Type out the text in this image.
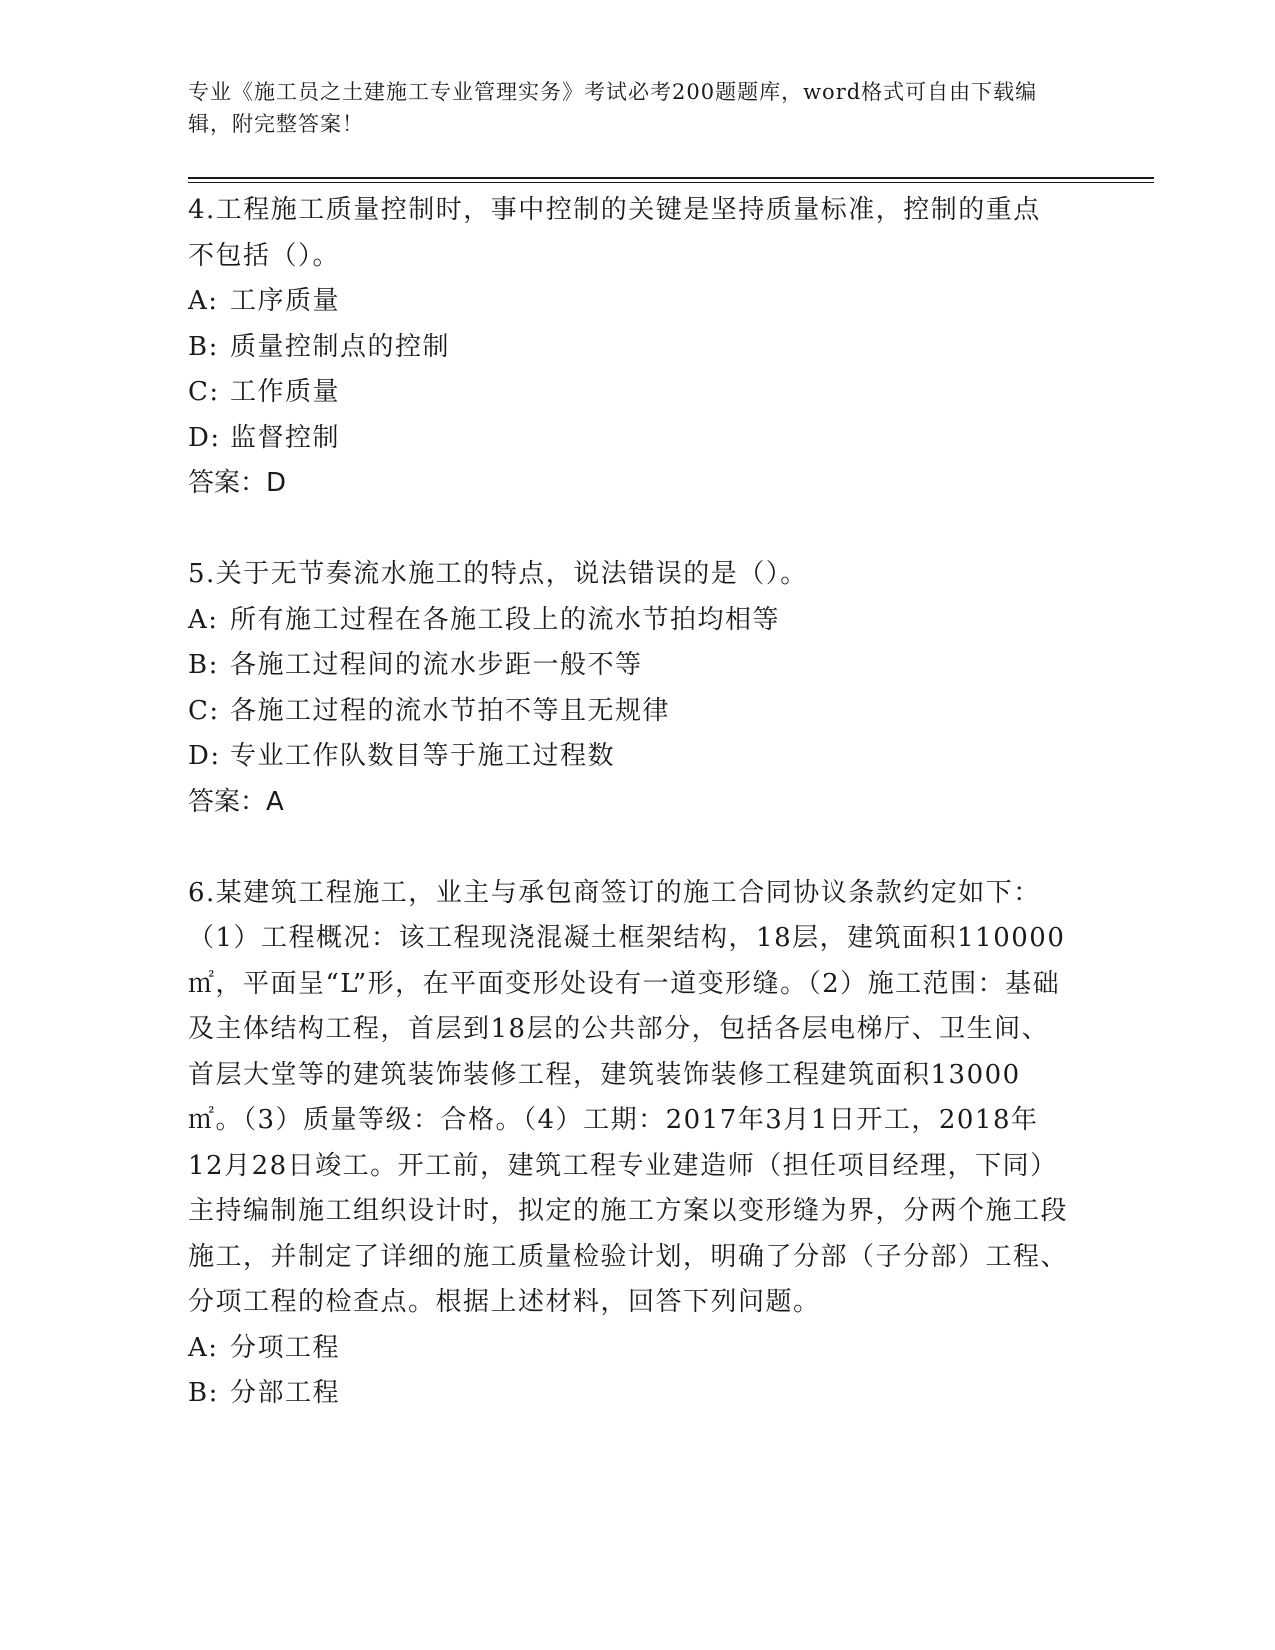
专业《施工员之土建施工专业管理实务》考试必考200题题库，word格式可自由下载编辑，附完整答案！

4.工程施工质量控制时，事中控制的关键是坚持质量标准，控制的重点不包括（）。

A: 工序质量

B: 质量控制点的控制

C: 工作质量

D: 监督控制

答案：D

5.关于无节奏流水施工的特点，说法错误的是（）。

A: 所有施工过程在各施工段上的流水节拍均相等

B: 各施工过程间的流水步距一般不等

C: 各施工过程的流水节拍不等且无规律

D: 专业工作队数目等于施工过程数

答案：A

6.某建筑工程施工，业主与承包商签订的施工合同协议条款约定如下：（1）工程概况：该工程现浇混凝土框架结构，18层，建筑面积110000㎡，平面呈“L”形，在平面变形处设有一道变形缝。（2）施工范围：基础及主体结构工程，首层到18层的公共部分，包括各层电梯厅、卫生间、首层大堂等的建筑装饰装修工程，建筑装饰装修工程建筑面积13000㎡。（3）质量等级：合格。（4）工期：2017年3月1日开工，2018年12月28日竣工。开工前，建筑工程专业建造师（担任项目经理，下同）主持编制施工组织设计时，拟定的施工方案以变形缝为界，分两个施工段施工，并制定了详细的施工质量检验计划，明确了分部（子分部）工程、分项工程的检查点。根据上述材料，回答下列问题。

A: 分项工程

B: 分部工程
